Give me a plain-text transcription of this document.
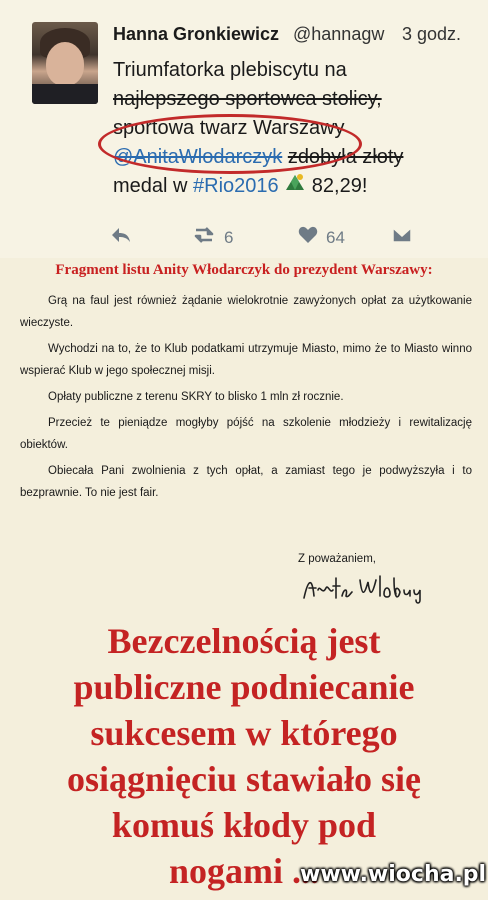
Hanna Gronkiewicz @hannagw 3 godz.
Triumfatorka plebiscytu na
najlepszego sportowca stolicy,
sportowa twarz Warszawy
@AnitaWlodarczyk zdobyła złoty
medal w #Rio2016 82,29!
6	64
Fragment listu Anity Włodarczyk do prezydent Warszawy:

Grą na faul jest również żądanie wielokrotnie zawyżonych opłat za użytkowanie wieczyste.

Wychodzi na to, że to Klub podatkami utrzymuje Miasto, mimo że to Miasto winno wspierać Klub w jego społecznej misji.

Opłaty publiczne z terenu SKRY to blisko 1 mln zł rocznie.

Przecież te pieniądze mogłyby pójść na szkolenie młodzieży i rewitalizację obiektów.

Obiecała Pani zwolnienia z tych opłat, a zamiast tego je podwyższyła i to bezprawnie. To nie jest fair.

Z poważaniem,
Bezczelnością jest
publiczne podniecanie
sukcesem w którego
osiągnięciu stawiało się
komuś kłody pod
nogami ...
www.wiocha.pl
